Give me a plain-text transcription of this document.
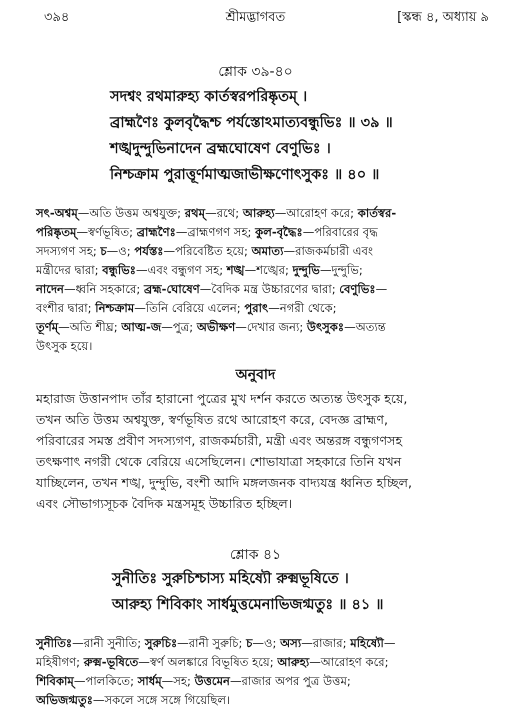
৩৯৪	শ্রীমদ্ভাগবত	[স্কন্ধ ৪, অধ্যায় ৯
শ্লোক ৩৯-৪০
সদশ্বং রথমারুহ্য কার্তস্বরপরিষ্কৃতম্ ।
ব্রাহ্মণৈঃ কুলবৃদ্ধৈশ্চ পর্যস্তোঽমাত্যবন্ধুভিঃ ॥ ৩৯ ॥
শঙ্খদুন্দুভিনাদেন ব্রহ্মঘোষেণ বেণুভিঃ ।
নিশ্চক্রাম পুরাত্তূর্ণমাত্মজাভীক্ষণোৎসুকঃ ॥ ৪০ ॥
সৎ-অশ্বম্—অতি উত্তম অশ্বযুক্ত; রথম্—রথে; আরুহ্য—আরোহণ করে; কার্তস্বর-
পরিষ্কৃতম্—স্বর্ণভূষিত; ব্রাহ্মণৈঃ—ব্রাহ্মণগণ সহ; কুল-বৃদ্ধৈঃ—পরিবারের বৃদ্ধ
সদস্যগণ সহ; চ—ও; পর্যস্তঃ—পরিবেষ্টিত হয়ে; অমাত্য—রাজকর্মচারী এবং
মন্ত্রীদের দ্বারা; বন্ধুভিঃ—এবং বন্ধুগণ সহ; শঙ্খ—শঙ্খের; দুন্দুভি—দুন্দুভি;
নাদেন—ধ্বনি সহকারে; ব্রহ্ম-ঘোষেণ—বৈদিক মন্ত্র উচ্চারণের দ্বারা; বেণুভিঃ—
বংশীর দ্বারা; নিশ্চক্রাম—তিনি বেরিয়ে এলেন; পুরাৎ—নগরী থেকে;
তূর্ণম্—অতি শীঘ্র; আত্ম-জ—পুত্র; অভীক্ষণ—দেখার জন্য; উৎসুকঃ—অত্যন্ত
উৎসুক হয়ে।
অনুবাদ
মহারাজ উত্তানপাদ তাঁর হারানো পুত্রের মুখ দর্শন করতে অত্যন্ত উৎসুক হয়ে,
তখন অতি উত্তম অশ্বযুক্ত, স্বর্ণভূষিত রথে আরোহণ করে, বেদজ্ঞ ব্রাহ্মণ,
পরিবারের সমস্ত প্রবীণ সদস্যগণ, রাজকর্মচারী, মন্ত্রী এবং অন্তরঙ্গ বন্ধুগণসহ
তৎক্ষণাৎ নগরী থেকে বেরিয়ে এসেছিলেন। শোভাযাত্রা সহকারে তিনি যখন
যাচ্ছিলেন, তখন শঙ্খ, দুন্দুভি, বংশী আদি মঙ্গলজনক বাদ্যযন্ত্র ধ্বনিত হচ্ছিল,
এবং সৌভাগ্যসূচক বৈদিক মন্ত্রসমূহ উচ্চারিত হচ্ছিল।
শ্লোক ৪১
সুনীতিঃ সুরুচিশ্চাস্য মহিষ্যৌ রুক্মভূষিতে ।
আরুহ্য শিবিকাং সার্ধমুত্তমেনাভিজগ্মতুঃ ॥ ৪১ ॥
সুনীতিঃ—রানী সুনীতি; সুরুচিঃ—রানী সুরুচি; চ—ও; অস্য—রাজার; মহিষ্যৌ—
মহিষীগণ; রুক্ম-ভূষিতে—স্বর্ণ অলঙ্কারে বিভূষিত হয়ে; আরুহ্য—আরোহণ করে;
শিবিকাম্—পালকিতে; সার্ধম্—সহ; উত্তমেন—রাজার অপর পুত্র উত্তম;
অভিজগ্মতুঃ—সকলে সঙ্গে সঙ্গে গিয়েছিল।
